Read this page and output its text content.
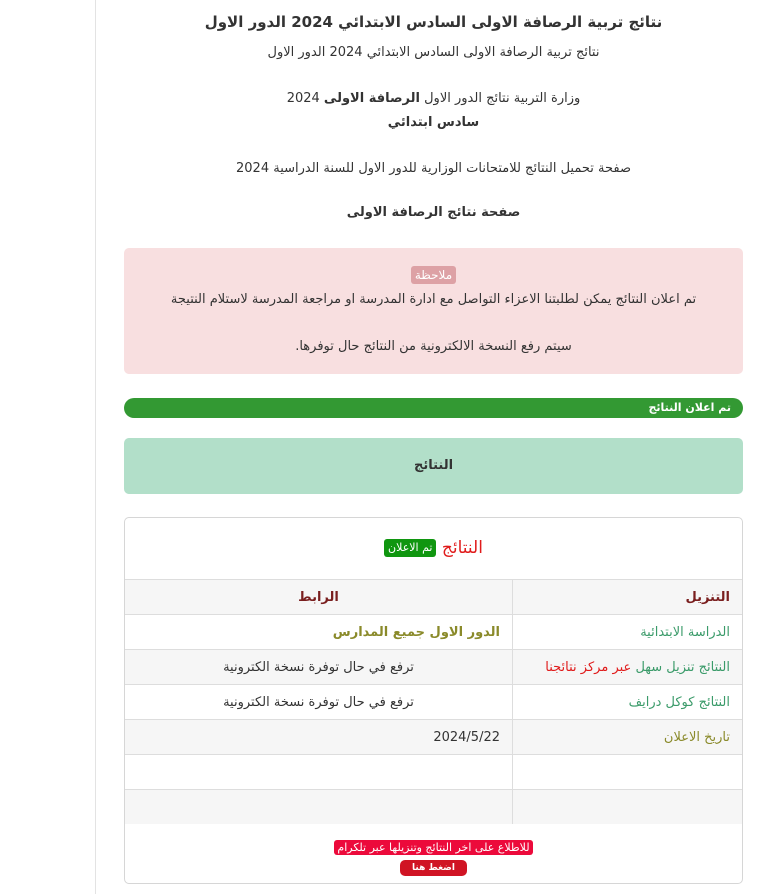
نتائج تربية الرصافة الاولى السادس الابتدائي 2024 الدور الاول
نتائج تربية الرصافة الاولى السادس الابتدائي 2024 الدور الاول
وزارة التربية نتائج الدور الاول الرصافة الاولى 2024
سادس ابتدائي
صفحة تحميل النتائج للامتحانات الوزارية للدور الاول للسنة الدراسية 2024
صفحة نتائج الرصافة الاولى
ملاحظة
تم اعلان النتائج يمكن لطلبتنا الاعزاء التواصل مع ادارة المدرسة او مراجعة المدرسة لاستلام النتيجة
سيتم رفع النسخة الالكترونية من النتائج حال توفرها.
تم اعلان النتائج
النتائج
النتائج تم الاعلان
التنزيل	الرابط
الدراسة الابتدائية	الدور الاول جميع المدارس
النتائج تنزيل سهل عبر مركز نتائجنا	ترفع في حال توفرة نسخة الكترونية
النتائج كوكل درايف	ترفع في حال توفرة نسخة الكترونية
تاريخ الاعلان	2024/5/22

للاطلاع على اخر النتائج وتنزيلها عبر تلكرام
اضغط هنا
